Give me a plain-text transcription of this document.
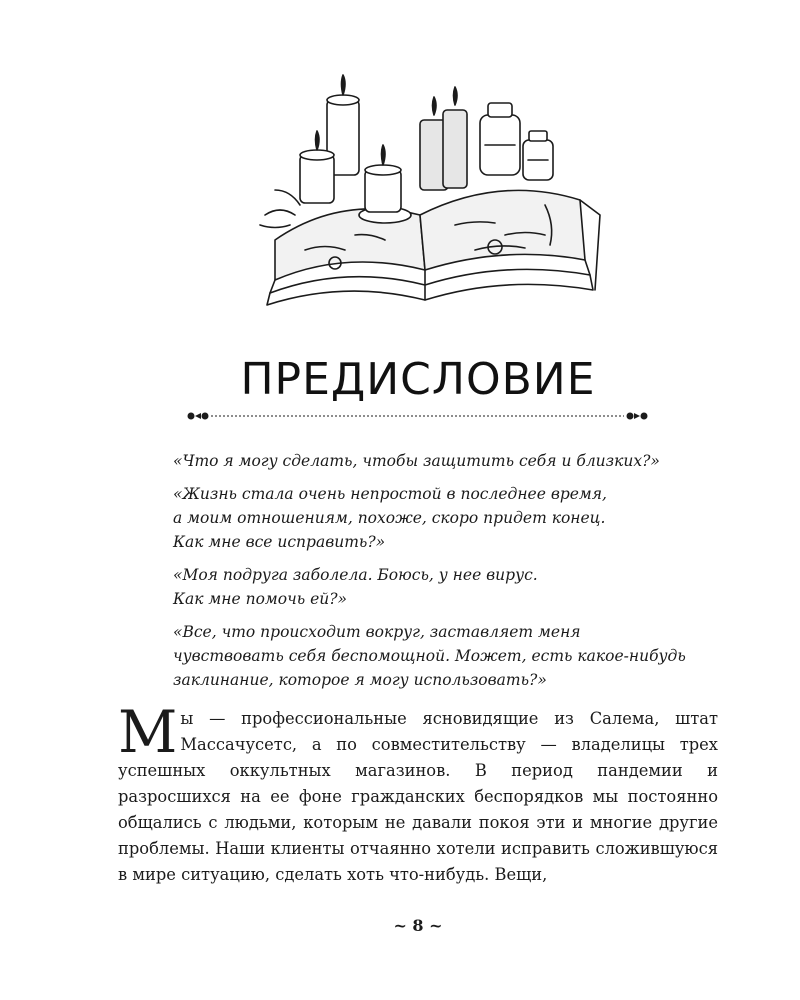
ПРЕДИСЛОВИЕ

«Что я могу сделать, чтобы защитить себя и близких?»

«Жизнь стала очень непростой в последнее время,
а моим отношениям, похоже, скоро придет конец.
Как мне все исправить?»

«Моя подруга заболела. Боюсь, у нее вирус.
Как мне помочь ей?»

«Все, что происходит вокруг, заставляет меня
чувствовать себя беспомощной. Может, есть какое-нибудь
заклинание, которое я могу использовать?»

Мы — профессиональные ясновидящие из Салема, штат Массачусетс, а по совместительству — владелицы трех успешных оккультных магазинов. В период пандемии и разросшихся на ее фоне гражданских беспорядков мы постоянно общались с людьми, которым не давали покоя эти и многие другие проблемы. Наши клиенты отчаянно хотели исправить сложившуюся в мире ситуацию, сделать хоть что-нибудь. Вещи,

~ 8 ~
